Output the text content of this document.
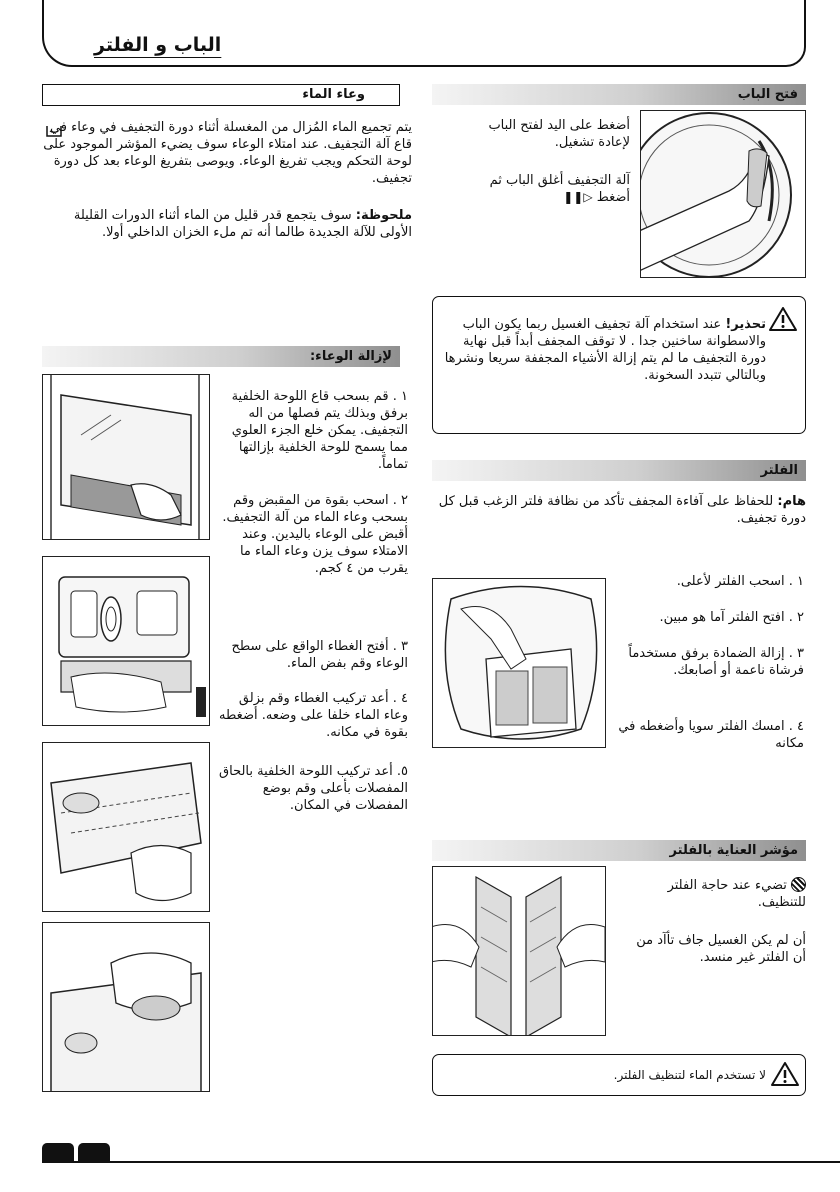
الباب و الفلتر
وعاء الماء
يتم تجميع الماء المُزال من المغسلة أثناء دورة التجفيف في وعاء في قاع آلة التجفيف. عند امتلاء الوعاء سوف يضيء المؤشر الموجود على لوحة التحكم ويجب تفريغ الوعاء. ويوصى بتفريغ الوعاء بعد كل دورة تجفيف.
ملحوظة: سوف يتجمع قدر قليل من الماء أثناء الدورات القليلة الأولى للآلة الجديدة طالما أنه تم ملء الخزان الداخلي أولا.
لإزالة الوعاء:
١ . قم بسحب قاع اللوحة الخلفية برفق وبذلك يتم فصلها من اله التجفيف. يمكن خلع الجزء العلوي مما يسمح للوحة الخلفية بإزالتها تماماً.
٢ . اسحب بقوة من المقبض وقم بسحب وعاء الماء من آلة التجفيف. أقبض على الوعاء باليدين. وعند الامتلاء سوف يزن وعاء الماء ما يقرب من ٤ كجم.
٣ . أفتح الغطاء الواقع على سطح الوعاء وقم بفض الماء.
٤ . أعد تركيب الغطاء وقم بزلق وعاء الماء خلفا على وضعه. أضغطه بقوة في مكانه.
٥. أعد تركيب اللوحة الخلفية بالحاق المفصلات بأعلى وقم بوضع المفصلات في المكان.
فتح الباب
أضغط على اليد لفتح الباب لإعادة تشغيل.
آلة التجفيف أغلق الباب ثم أضغط ▷❚❚
تحذير! عند استخدام آلة تجفيف الغسيل ربما يكون الباب والاسطوانة ساخنين جدا . لا توقف المجفف أبداً قبل نهاية دورة التجفيف ما لم يتم إزالة الأشياء المجففة سريعا ونشرها وبالتالي تتبدد السخونة.
الفلتر
هام: للحفاظ على آفاءة المجفف تأكد من نظافة فلتر الزغب قبل كل دورة تجفيف.
١ . اسحب الفلتر لأعلى.
٢ . افتح الفلتر آما هو مبين.
٣ . إزالة الضمادة برفق مستخدماً فرشاة ناعمة أو أصابعك.
٤ . امسك الفلتر سويا وأضغطه في مكانه
مؤشر العناية بالفلتر
تضيء عند حاجة الفلتر للتنظيف.
أن لم يكن الغسيل جاف تأآد من أن الفلتر غير منسد.
لا تستخدم الماء لتنظيف الفلتر.
